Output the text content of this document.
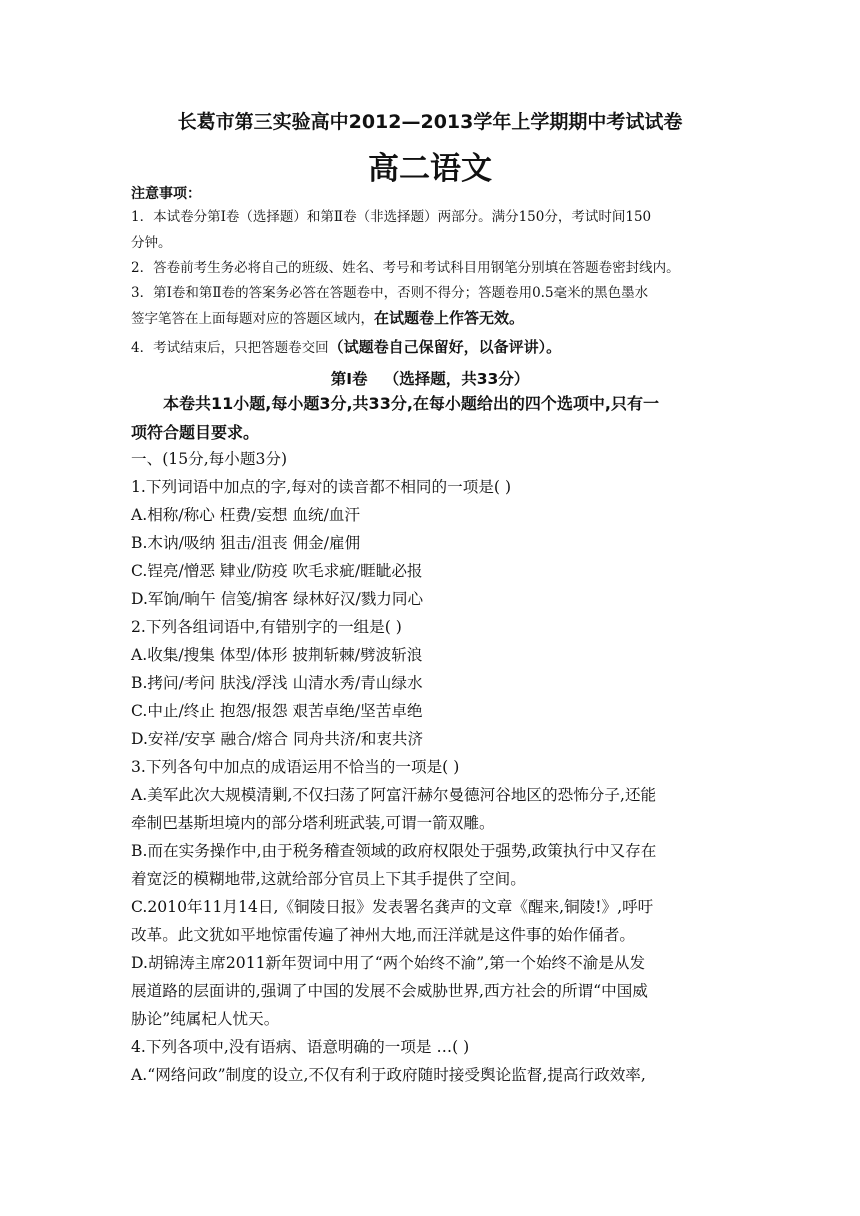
长葛市第三实验高中2012—2013学年上学期期中考试试卷
高二语文
注意事项：
1．本试卷分第Ⅰ卷（选择题）和第Ⅱ卷（非选择题）两部分。满分150分，考试时间150
分钟。
2．答卷前考生务必将自己的班级、姓名、考号和考试科目用钢笔分别填在答题卷密封线内。
3．第Ⅰ卷和第Ⅱ卷的答案务必答在答题卷中，否则不得分；答题卷用0.5毫米的黑色墨水
签字笔答在上面每题对应的答题区域内，在试题卷上作答无效。
4．考试结束后，只把答题卷交回（试题卷自己保留好，以备评讲）。
第Ⅰ卷   （选择题，共33分）
本卷共11小题,每小题3分,共33分,在每小题给出的四个选项中,只有一
项符合题目要求。
一、(15分,每小题3分)
1.下列词语中加点的字,每对的读音都不相同的一项是( )
A.相称/称心 枉费/妄想 血统/血汗
B.木讷/吸纳 狙击/沮丧 佣金/雇佣
C.锃亮/憎恶 肄业/防疫 吹毛求疵/睚眦必报
D.军饷/晌午 信笺/掮客 绿林好汉/戮力同心
2.下列各组词语中,有错别字的一组是( )
A.收集/搜集 体型/体形 披荆斩棘/劈波斩浪
B.拷问/考问 肤浅/浮浅 山清水秀/青山绿水
C.中止/终止 抱怨/报怨 艰苦卓绝/坚苦卓绝
D.安祥/安享 融合/熔合 同舟共济/和衷共济
3.下列各句中加点的成语运用不恰当的一项是( )
A.美军此次大规模清剿,不仅扫荡了阿富汗赫尔曼德河谷地区的恐怖分子,还能
牵制巴基斯坦境内的部分塔利班武装,可谓一箭双雕。
B.而在实务操作中,由于税务稽查领域的政府权限处于强势,政策执行中又存在
着宽泛的模糊地带,这就给部分官员上下其手提供了空间。
C.2010年11月14日,《铜陵日报》发表署名龚声的文章《醒来,铜陵!》,呼吁
改革。此文犹如平地惊雷传遍了神州大地,而汪洋就是这件事的始作俑者。
D.胡锦涛主席2011新年贺词中用了“两个始终不渝”,第一个始终不渝是从发
展道路的层面讲的,强调了中国的发展不会威胁世界,西方社会的所谓“中国威
胁论”纯属杞人忧天。
4.下列各项中,没有语病、语意明确的一项是 …( )
A.“网络问政”制度的设立,不仅有利于政府随时接受舆论监督,提高行政效率,
